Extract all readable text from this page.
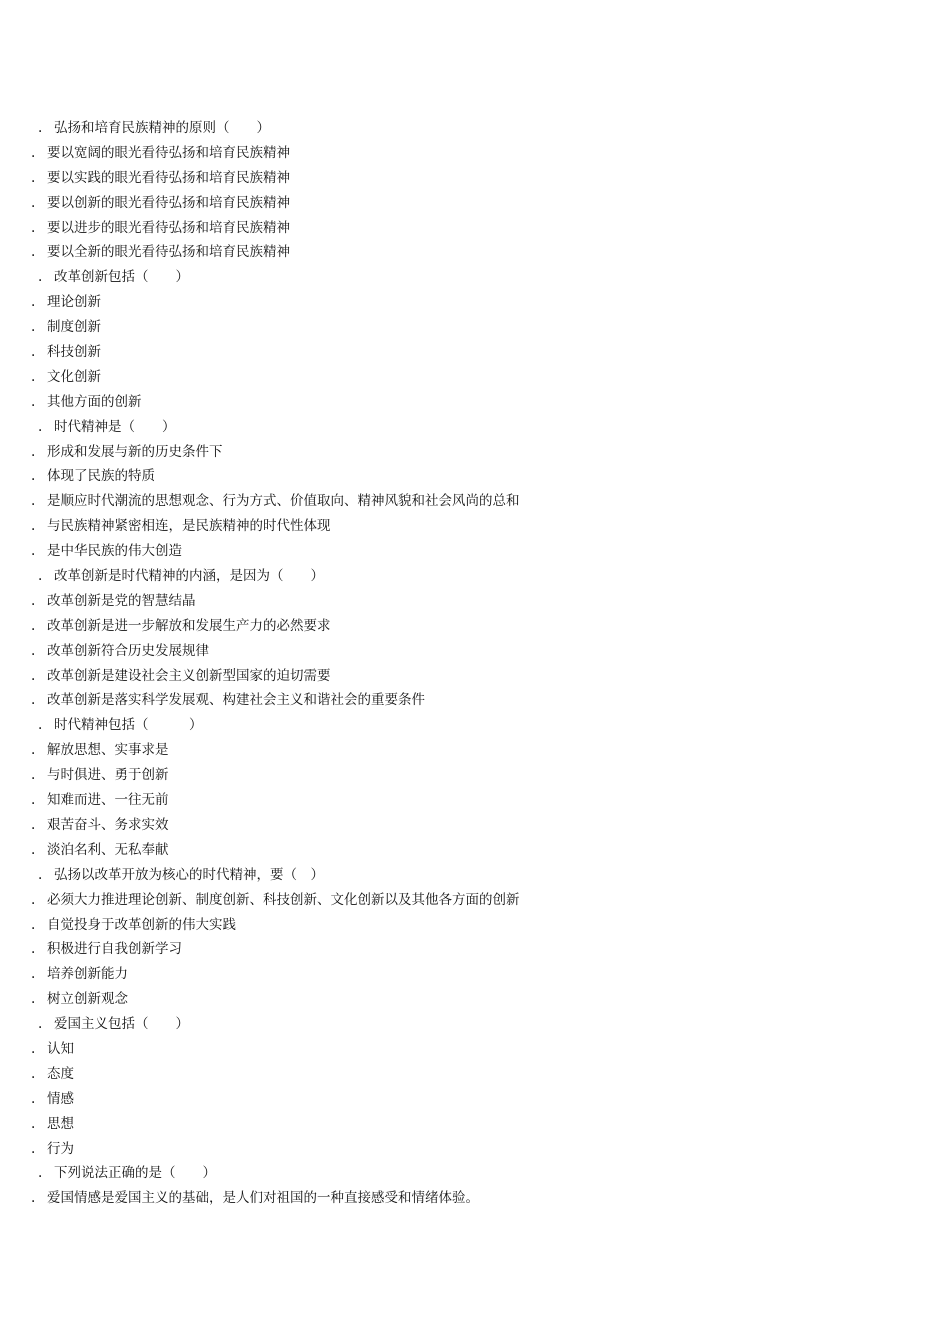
. 弘扬和培育民族精神的原则（　　）
. 要以宽阔的眼光看待弘扬和培育民族精神
. 要以实践的眼光看待弘扬和培育民族精神
. 要以创新的眼光看待弘扬和培育民族精神
. 要以进步的眼光看待弘扬和培育民族精神
. 要以全新的眼光看待弘扬和培育民族精神
. 改革创新包括（　　）
. 理论创新
. 制度创新
. 科技创新
. 文化创新
. 其他方面的创新
. 时代精神是（　　）
. 形成和发展与新的历史条件下
. 体现了民族的特质
. 是顺应时代潮流的思想观念、行为方式、价值取向、精神风貌和社会风尚的总和
. 与民族精神紧密相连，是民族精神的时代性体现
. 是中华民族的伟大创造
. 改革创新是时代精神的内涵，是因为（　　）
. 改革创新是党的智慧结晶
. 改革创新是进一步解放和发展生产力的必然要求
. 改革创新符合历史发展规律
. 改革创新是建设社会主义创新型国家的迫切需要
. 改革创新是落实科学发展观、构建社会主义和谐社会的重要条件
. 时代精神包括（　　　）
. 解放思想、实事求是
. 与时俱进、勇于创新
. 知难而进、一往无前
. 艰苦奋斗、务求实效
. 淡泊名利、无私奉献
. 弘扬以改革开放为核心的时代精神，要（　）
. 必须大力推进理论创新、制度创新、科技创新、文化创新以及其他各方面的创新
. 自觉投身于改革创新的伟大实践
. 积极进行自我创新学习
. 培养创新能力
. 树立创新观念
. 爱国主义包括（　　）
. 认知
. 态度
. 情感
. 思想
. 行为
. 下列说法正确的是（　　）
. 爱国情感是爱国主义的基础，是人们对祖国的一种直接感受和情绪体验。
